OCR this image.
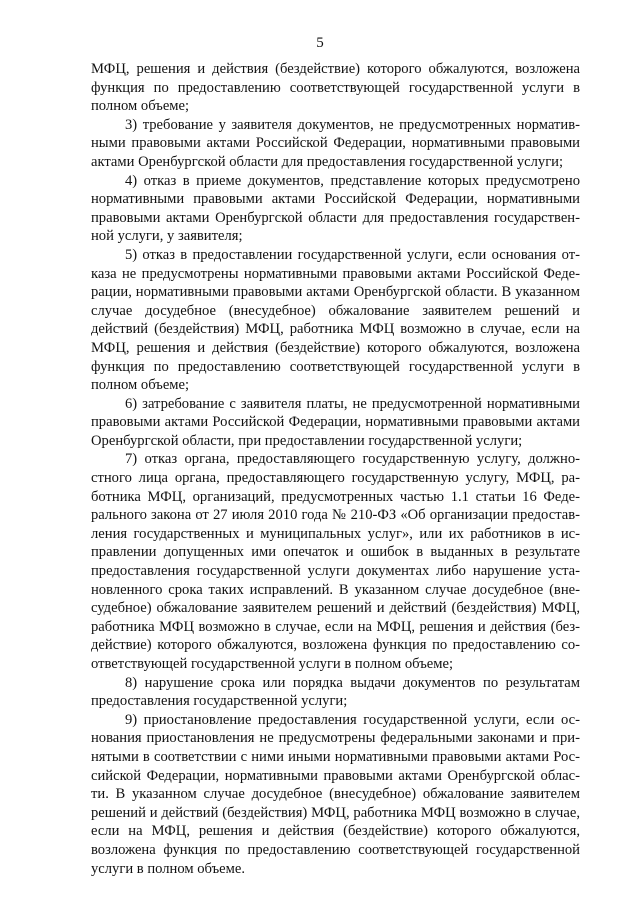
5

МФЦ, решения и действия (бездействие) которого обжалуются, возложена функция по предоставлению соответствующей государственной услуги в полном объеме;

3) требование у заявителя документов, не предусмотренных нормативными правовыми актами Российской Федерации, нормативными правовыми актами Оренбургской области для предоставления государственной услуги;

4) отказ в приеме документов, представление которых предусмотрено нормативными правовыми актами Российской Федерации, нормативными правовыми актами Оренбургской области для предоставления государственной услуги, у заявителя;

5) отказ в предоставлении государственной услуги, если основания отказа не предусмотрены нормативными правовыми актами Российской Федерации, нормативными правовыми актами Оренбургской области. В указанном случае досудебное (внесудебное) обжалование заявителем решений и действий (бездействия) МФЦ, работника МФЦ возможно в случае, если на МФЦ, решения и действия (бездействие) которого обжалуются, возложена функция по предоставлению соответствующей государственной услуги в полном объеме;

6) затребование с заявителя платы, не предусмотренной нормативными правовыми актами Российской Федерации, нормативными правовыми актами Оренбургской области, при предоставлении государственной услуги;

7) отказ органа, предоставляющего государственную услугу, должностного лица органа, предоставляющего государственную услугу, МФЦ, работника МФЦ, организаций, предусмотренных частью 1.1 статьи 16 Федерального закона от 27 июля 2010 года № 210-ФЗ «Об организации предоставления государственных и муниципальных услуг», или их работников в исправлении допущенных ими опечаток и ошибок в выданных в результате предоставления государственной услуги документах либо нарушение установленного срока таких исправлений. В указанном случае досудебное (внесудебное) обжалование заявителем решений и действий (бездействия) МФЦ, работника МФЦ возможно в случае, если на МФЦ, решения и действия (бездействие) которого обжалуются, возложена функция по предоставлению соответствующей государственной услуги в полном объеме;

8) нарушение срока или порядка выдачи документов по результатам предоставления государственной услуги;

9) приостановление предоставления государственной услуги, если основания приостановления не предусмотрены федеральными законами и принятыми в соответствии с ними иными нормативными правовыми актами Российской Федерации, нормативными правовыми актами Оренбургской области. В указанном случае досудебное (внесудебное) обжалование заявителем решений и действий (бездействия) МФЦ, работника МФЦ возможно в случае, если на МФЦ, решения и действия (бездействие) которого обжалуются, возложена функция по предоставлению соответствующей государственной услуги в полном объеме.
